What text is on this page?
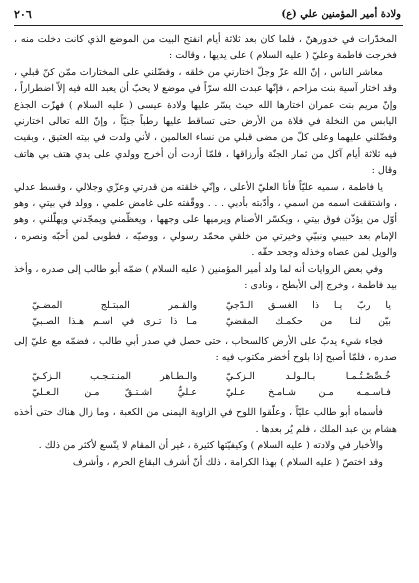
ولادة أمير المؤمنين علي (ع)
٢٠٦

المخدّرات في خدورهنّ ، فلما كان بعد ثلاثة أيام انفتح البيت من الموضع الذي كانت دخلت منه ، فخرجت فاطمة وعليّ ( عليه السلام ) على يديها ، وقالت :

معاشر الناس ، إنّ الله عزّ وجلّ اختارني من خلقه ، وفضّلني على المختارات ممّن كنّ قبلي ، وقد اختار آسية بنت مزاحم ، فإنّها عبدت الله سرّاً في موضع لا يحبّ أن يعبد الله فيه إلاّ اضطراراً ، وإنّ مريم بنت عمران اختارها الله حيث يسّر عليها ولادة عيسى ( عليه السلام ) فهزّت الجذع اليابس من النخلة في فلاة من الأرض حتى تساقط عليها رطباً جنيّاً ، وإنّ الله تعالى اختارني وفضّلني عليهما وعلى كلّ من مضى قبلي من نساء العالمين ، لأني ولدت في بيته العتيق ، وبقيت فيه ثلاثة أيام آكل من ثمار الجنّة وأرزاقها ، فلمّا أردت أن أخرج وولدي على يدي هتف بي هاتف وقال :

يا فاطمة ، سميه عليّاً فأنا العليّ الأعلى ، وإنّي خلقته من قدرتي وعزّي وجلالي ، وقسط عدلي ، واشتققت اسمه من اسمي ، وأدّبته بأدبي . . . ووقّفته على غامض علمي ، وولد في بيتي ، وهو أوّل من يؤذّن فوق بيتي ، ويكسّر الأصنام ويرميها على وجهها ، ويعظّمني ويمجّدني ويهلّلني ، وهو الإمام بعد حبيبي ونبيّي وخيرتي من خلقي محمّد رسولي ، ووصيّه ، فطوبى لمن أحبّه ونصره ، والويل لمن عصاه وخذله وجحد حقّه .

وفي بعض الروايات أنه لما ولد أمير المؤمنين ( عليه السلام ) ضمّه أبو طالب إلى صدره ، وأخذ بيد فاطمة ، وخرج إلى الأبطح ، ونادى :

يا ربّ يـا ذا الغسـق الـدّجيّ
والقـمر المبتـلج المضـيّ
بيّن لنـا من حكمـك المقضيّ
مـا ذا تـرى في اسـم هـذا الصـبيّ

فجاء شيء يدبّ على الأرض كالسحاب ، حتى حصل في صدر أبي طالب ، فضمّه مع عليّ إلى صدره ، فلمّا أصبح إذا بلوح أخضر مكتوب فيه :

خُـصِّصْـتُـمـا بـالـولـد الـزكـيّ
والـطـاهر المنـتـجـب الـزكـيّ
فـاسـمـه مـن شـامـخ عـليّ
عـليٌّ اشـتـقّ مـن الـعـليّ

فأسماه أبو طالب عليّاً ، وعلّقوا اللوح في الزاوية اليمنى من الكعبة ، وما زال هناك حتى أخذه هشام بن عبد الملك ، فلم يُر بعدها .

والأخبار في ولادته ( عليه السلام ) وكيفيّتها كثيرة ، غير أن المقام لا يتّسع لأكثر من ذلك .

وقد اختصّ ( عليه السلام ) بهذا الكرامة ، ذلك أنّ أشرف البقاع الحرم ، وأشرف
